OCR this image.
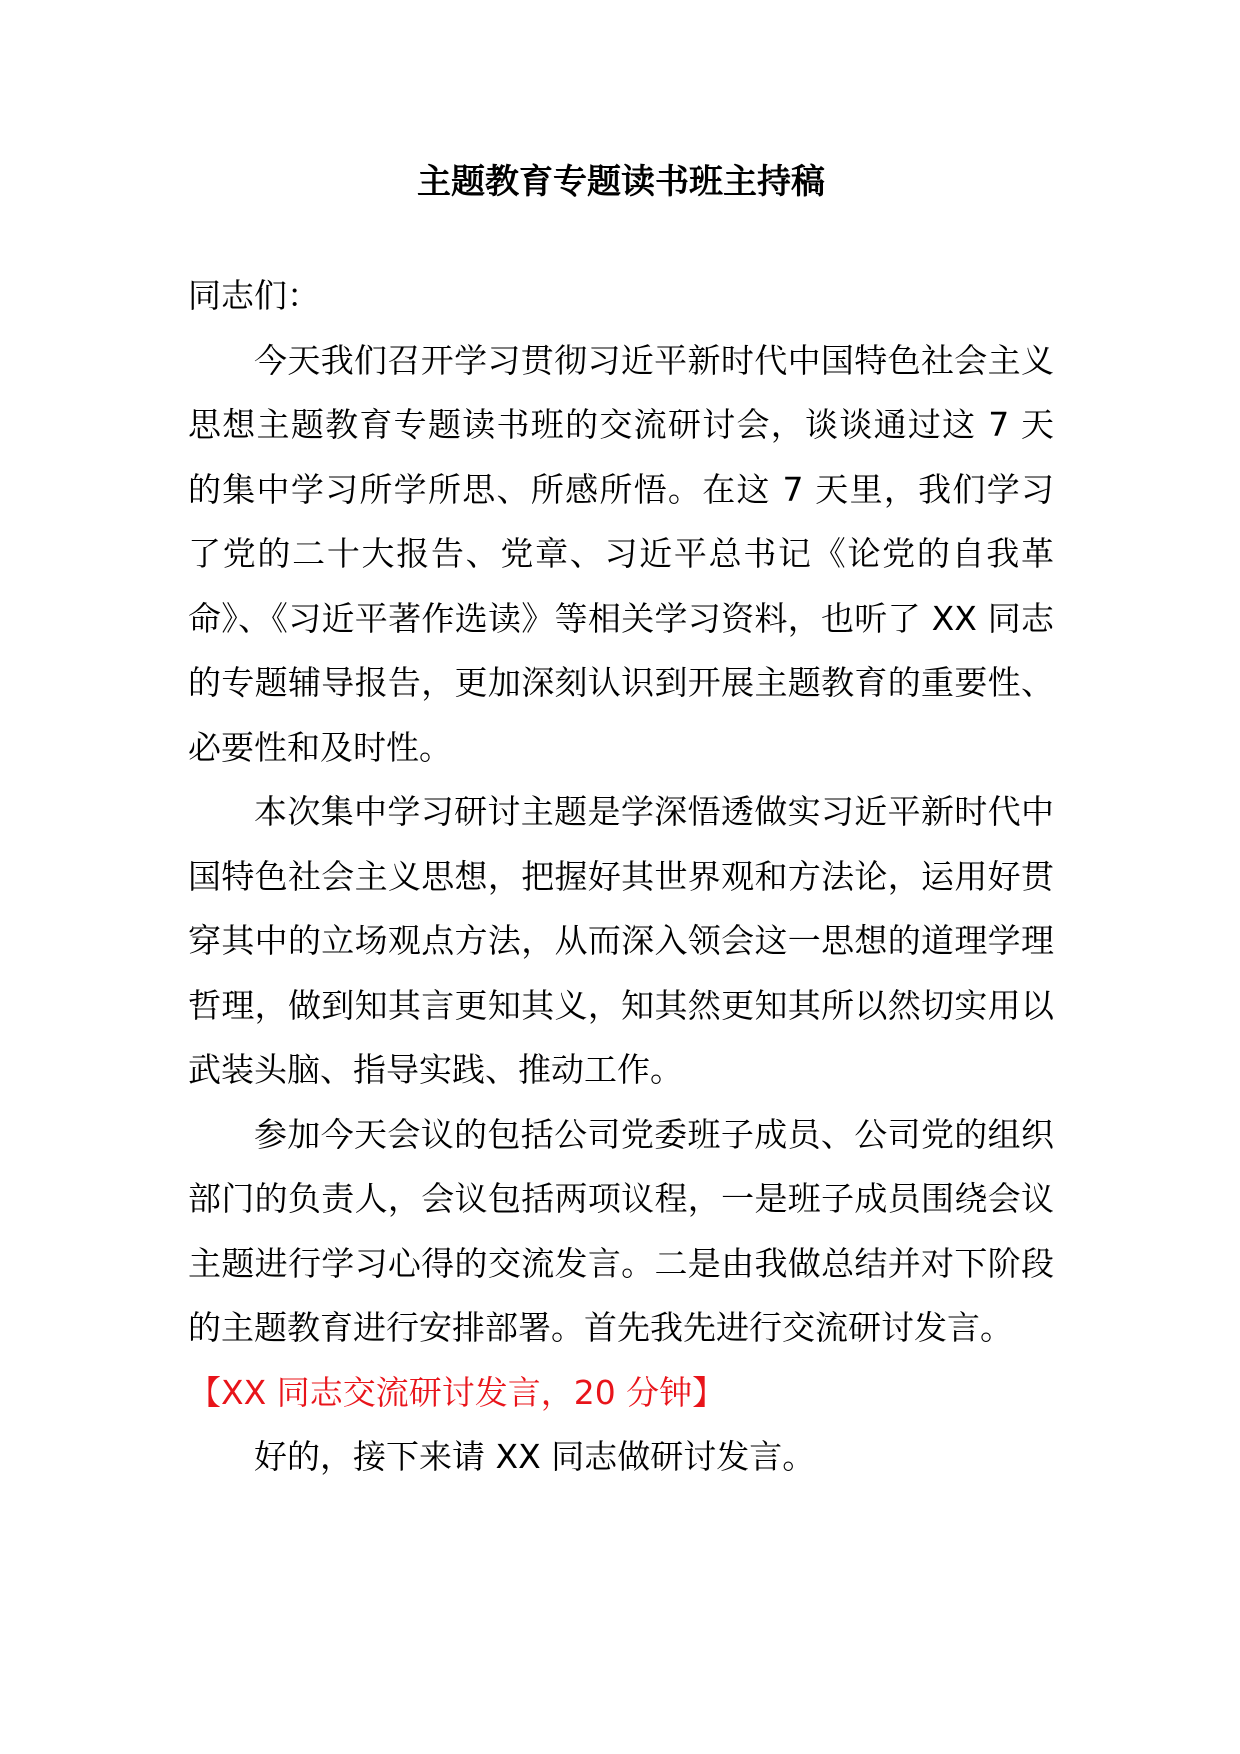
主题教育专题读书班主持稿

同志们：

今天我们召开学习贯彻习近平新时代中国特色社会主义思想主题教育专题读书班的交流研讨会，谈谈通过这 7 天的集中学习所学所思、所感所悟。在这 7 天里，我们学习了党的二十大报告、党章、习近平总书记《论党的自我革命》、《习近平著作选读》等相关学习资料，也听了 XX 同志的专题辅导报告，更加深刻认识到开展主题教育的重要性、必要性和及时性。

本次集中学习研讨主题是学深悟透做实习近平新时代中国特色社会主义思想，把握好其世界观和方法论，运用好贯穿其中的立场观点方法，从而深入领会这一思想的道理学理哲理，做到知其言更知其义，知其然更知其所以然切实用以武装头脑、指导实践、推动工作。

参加今天会议的包括公司党委班子成员、公司党的组织部门的负责人，会议包括两项议程，一是班子成员围绕会议主题进行学习心得的交流发言。二是由我做总结并对下阶段的主题教育进行安排部署。首先我先进行交流研讨发言。

【XX 同志交流研讨发言，20 分钟】

好的，接下来请 XX 同志做研讨发言。
